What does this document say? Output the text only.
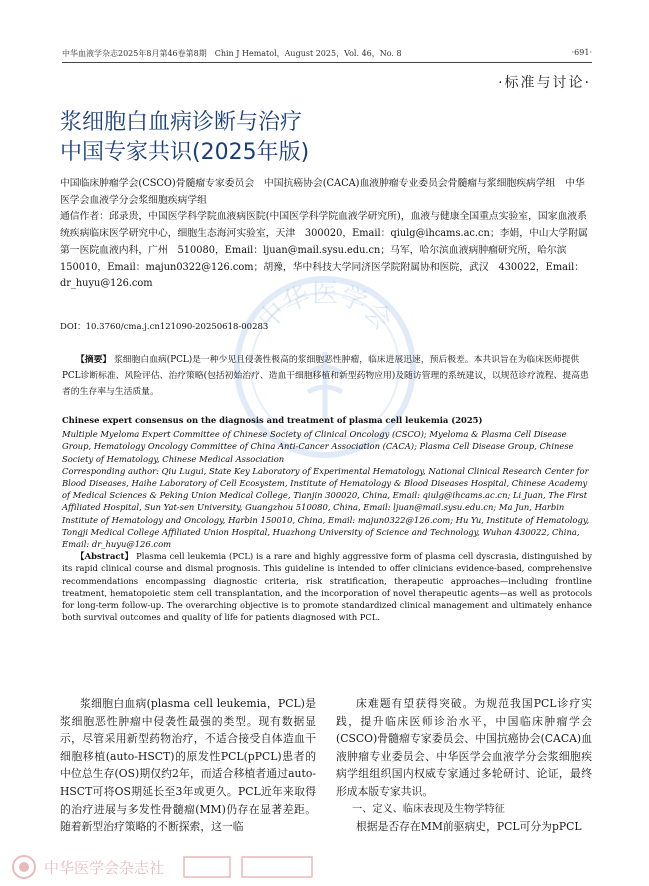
中华血液学杂志2025年8月第46卷第8期　Chin J Hematol，August 2025，Vol. 46，No. 8	·691·
·标准与讨论·
浆细胞白血病诊断与治疗
中国专家共识(2025年版)
中华医学会
中国临床肿瘤学会(CSCO)骨髓瘤专家委员会　中国抗癌协会(CACA)血液肿瘤专业委员会骨髓瘤与浆细胞疾病学组　中华医学会血液学分会浆细胞疾病学组
通信作者：邱录贵，中国医学科学院血液病医院(中国医学科学院血液学研究所)，血液与健康全国重点实验室，国家血液系统疾病临床医学研究中心，细胞生态海河实验室，天津　300020，Email：qiulg@ihcams.ac.cn；李娟，中山大学附属第一医院血液内科，广州　510080，Email：ljuan@mail.sysu.edu.cn；马军，哈尔滨血液病肿瘤研究所，哈尔滨　150010，Email：majun0322@126.com；胡豫，华中科技大学同济医学院附属协和医院，武汉　430022，Email：dr_huyu@126.com
DOI：10.3760/cma.j.cn121090-20250618-00283
【摘要】 浆细胞白血病(PCL)是一种少见且侵袭性极高的浆细胞恶性肿瘤，临床进展迅速，预后极差。本共识旨在为临床医师提供PCL诊断标准、风险评估、治疗策略(包括初始治疗、造血干细胞移植和新型药物应用)及随访管理的系统建议，以规范诊疗流程、提高患者的生存率与生活质量。
Chinese expert consensus on the diagnosis and treatment of plasma cell leukemia (2025)
Multiple Myeloma Expert Committee of Chinese Society of Clinical Oncology (CSCO); Myeloma & Plasma Cell Disease Group, Hematology Oncology Committee of China Anti-Cancer Association (CACA); Plasma Cell Disease Group, Chinese Society of Hematology, Chinese Medical Association
Corresponding author: Qiu Lugui, State Key Laboratory of Experimental Hematology, National Clinical Research Center for Blood Diseases, Haihe Laboratory of Cell Ecosystem, Institute of Hematology & Blood Diseases Hospital, Chinese Academy of Medical Sciences & Peking Union Medical College, Tianjin 300020, China, Email: qiulg@ihcams.ac.cn; Li Juan, The First Affiliated Hospital, Sun Yat-sen University, Guangzhou 510080, China, Email: ljuan@mail.sysu.edu.cn; Ma Jun, Harbin Institute of Hematology and Oncology, Harbin 150010, China, Email: majun0322@126.com; Hu Yu, Institute of Hematology, Tongji Medical College Affiliated Union Hospital, Huazhong University of Science and Technology, Wuhan 430022, China, Email: dr_huyu@126.com
【Abstract】 Plasma cell leukemia (PCL) is a rare and highly aggressive form of plasma cell dyscrasia, distinguished by its rapid clinical course and dismal prognosis. This guideline is intended to offer clinicians evidence-based, comprehensive recommendations encompassing diagnostic criteria, risk stratification, therapeutic approaches—including frontline treatment, hematopoietic stem cell transplantation, and the incorporation of novel therapeutic agents—as well as protocols for long-term follow-up. The overarching objective is to promote standardized clinical management and ultimately enhance both survival outcomes and quality of life for patients diagnosed with PCL.
浆细胞白血病(plasma cell leukemia，PCL)是浆细胞恶性肿瘤中侵袭性最强的类型。现有数据显示，尽管采用新型药物治疗，不适合接受自体造血干细胞移植(auto-HSCT)的原发性PCL(pPCL)患者的中位总生存(OS)期仅约2年，而适合移植者通过auto-HSCT可将OS期延长至3年或更久。PCL近年来取得的治疗进展与多发性骨髓瘤(MM)仍存在显著差距。随着新型治疗策略的不断探索，这一临

床难题有望获得突破。为规范我国PCL诊疗实践，提升临床医师诊治水平，中国临床肿瘤学会(CSCO)骨髓瘤专家委员会、中国抗癌协会(CACA)血液肿瘤专业委员会、中华医学会血液学分会浆细胞疾病学组组织国内权威专家通过多轮研讨、论证，最终形成本版专家共识。

一、定义、临床表现及生物学特征

根据是否存在MM前驱病史，PCL可分为pPCL

中华医学会杂志社
